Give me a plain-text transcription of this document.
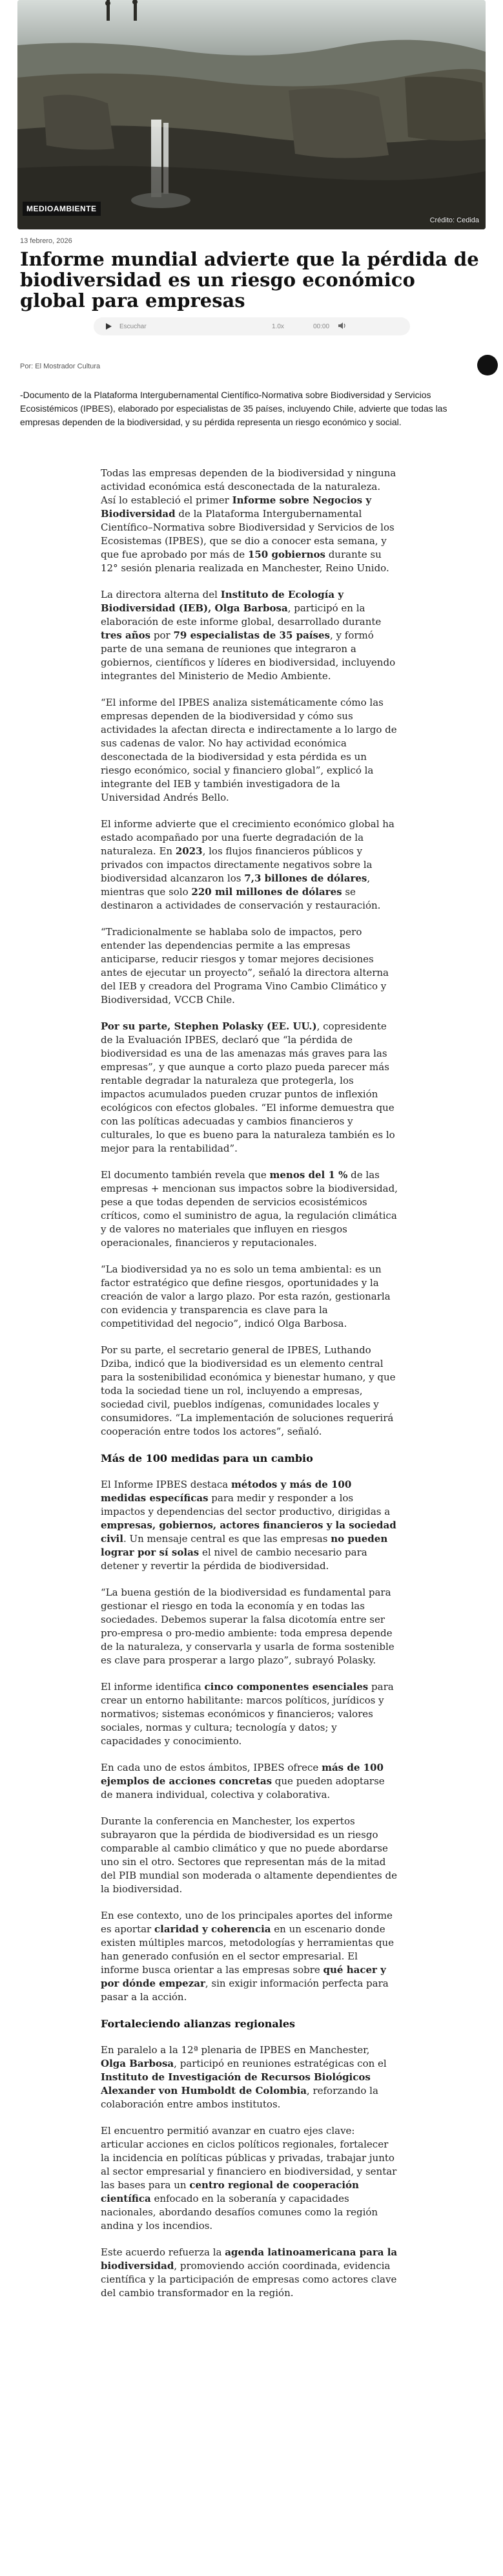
MEDIOAMBIENTE
Crédito: Cedida
13 febrero, 2026
Informe mundial advierte que la pérdida de biodiversidad es un riesgo económico global para empresas
Escuchar	1.0x	00:00
Por: El Mostrador Cultura

-Documento de la Plataforma Intergubernamental Científico-Normativa sobre Biodiversidad y Servicios Ecosistémicos (IPBES), elaborado por especialistas de 35 países, incluyendo Chile, advierte que todas las empresas dependen de la biodiversidad, y su pérdida representa un riesgo económico y social.

Todas las empresas dependen de la biodiversidad y ninguna actividad económica está desconectada de la naturaleza. Así lo estableció el primer Informe sobre Negocios y Biodiversidad de la Plataforma Intergubernamental Científico–Normativa sobre Biodiversidad y Servicios de los Ecosistemas (IPBES), que se dio a conocer esta semana, y que fue aprobado por más de 150 gobiernos durante su 12° sesión plenaria realizada en Manchester, Reino Unido.

La directora alterna del Instituto de Ecología y Biodiversidad (IEB), Olga Barbosa, participó en la elaboración de este informe global, desarrollado durante tres años por 79 especialistas de 35 países, y formó parte de una semana de reuniones que integraron a gobiernos, científicos y líderes en biodiversidad, incluyendo integrantes del Ministerio de Medio Ambiente.

“El informe del IPBES analiza sistemáticamente cómo las empresas dependen de la biodiversidad y cómo sus actividades la afectan directa e indirectamente a lo largo de sus cadenas de valor. No hay actividad económica desconectada de la biodiversidad y esta pérdida es un riesgo económico, social y financiero global”, explicó la integrante del IEB y también investigadora de la Universidad Andrés Bello.

El informe advierte que el crecimiento económico global ha estado acompañado por una fuerte degradación de la naturaleza. En 2023, los flujos financieros públicos y privados con impactos directamente negativos sobre la biodiversidad alcanzaron los 7,3 billones de dólares, mientras que solo 220 mil millones de dólares se destinaron a actividades de conservación y restauración.

“Tradicionalmente se hablaba solo de impactos, pero entender las dependencias permite a las empresas anticiparse, reducir riesgos y tomar mejores decisiones antes de ejecutar un proyecto”, señaló la directora alterna del IEB y creadora del Programa Vino Cambio Climático y Biodiversidad, VCCB Chile.

Por su parte, Stephen Polasky (EE. UU.), copresidente de la Evaluación IPBES, declaró que “la pérdida de biodiversidad es una de las amenazas más graves para las empresas”, y que aunque a corto plazo pueda parecer más rentable degradar la naturaleza que protegerla, los impactos acumulados pueden cruzar puntos de inflexión ecológicos con efectos globales. “El informe demuestra que con las políticas adecuadas y cambios financieros y culturales, lo que es bueno para la naturaleza también es lo mejor para la rentabilidad”.

El documento también revela que menos del 1 % de las empresas + mencionan sus impactos sobre la biodiversidad, pese a que todas dependen de servicios ecosistémicos críticos, como el suministro de agua, la regulación climática y de valores no materiales que influyen en riesgos operacionales, financieros y reputacionales.

“La biodiversidad ya no es solo un tema ambiental: es un factor estratégico que define riesgos, oportunidades y la creación de valor a largo plazo. Por esta razón, gestionarla con evidencia y transparencia es clave para la competitividad del negocio”, indicó Olga Barbosa.

Por su parte, el secretario general de IPBES, Luthando Dziba, indicó que la biodiversidad es un elemento central para la sostenibilidad económica y bienestar humano, y que toda la sociedad tiene un rol, incluyendo a empresas, sociedad civil, pueblos indígenas, comunidades locales y consumidores. “La implementación de soluciones requerirá cooperación entre todos los actores”, señaló.

Más de 100 medidas para un cambio

El Informe IPBES destaca métodos y más de 100 medidas específicas para medir y responder a los impactos y dependencias del sector productivo, dirigidas a empresas, gobiernos, actores financieros y la sociedad civil. Un mensaje central es que las empresas no pueden lograr por sí solas el nivel de cambio necesario para detener y revertir la pérdida de biodiversidad.

“La buena gestión de la biodiversidad es fundamental para gestionar el riesgo en toda la economía y en todas las sociedades. Debemos superar la falsa dicotomía entre ser pro-empresa o pro-medio ambiente: toda empresa depende de la naturaleza, y conservarla y usarla de forma sostenible es clave para prosperar a largo plazo”, subrayó Polasky.

El informe identifica cinco componentes esenciales para crear un entorno habilitante: marcos políticos, jurídicos y normativos; sistemas económicos y financieros; valores sociales, normas y cultura; tecnología y datos; y capacidades y conocimiento.

En cada uno de estos ámbitos, IPBES ofrece más de 100 ejemplos de acciones concretas que pueden adoptarse de manera individual, colectiva y colaborativa.

Durante la conferencia en Manchester, los expertos subrayaron que la pérdida de biodiversidad es un riesgo comparable al cambio climático y que no puede abordarse uno sin el otro. Sectores que representan más de la mitad del PIB mundial son moderada o altamente dependientes de la biodiversidad.

En ese contexto, uno de los principales aportes del informe es aportar claridad y coherencia en un escenario donde existen múltiples marcos, metodologías y herramientas que han generado confusión en el sector empresarial. El informe busca orientar a las empresas sobre qué hacer y por dónde empezar, sin exigir información perfecta para pasar a la acción.

Fortaleciendo alianzas regionales

En paralelo a la 12ª plenaria de IPBES en Manchester, Olga Barbosa, participó en reuniones estratégicas con el Instituto de Investigación de Recursos Biológicos Alexander von Humboldt de Colombia, reforzando la colaboración entre ambos institutos.

El encuentro permitió avanzar en cuatro ejes clave: articular acciones en ciclos políticos regionales, fortalecer la incidencia en políticas públicas y privadas, trabajar junto al sector empresarial y financiero en biodiversidad, y sentar las bases para un centro regional de cooperación científica enfocado en la soberanía y capacidades nacionales, abordando desafíos comunes como la región andina y los incendios.

Este acuerdo refuerza la agenda latinoamericana para la biodiversidad, promoviendo acción coordinada, evidencia científica y la participación de empresas como actores clave del cambio transformador en la región.
